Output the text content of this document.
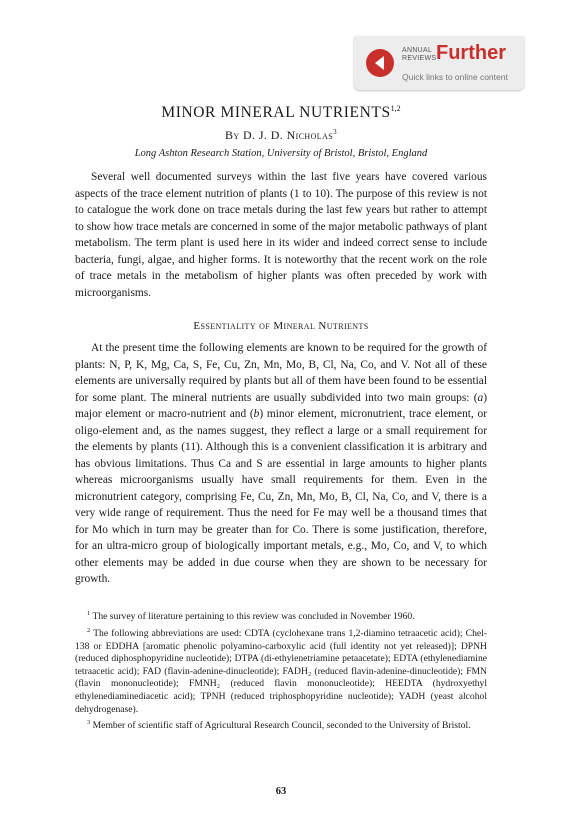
ANNUAL
REVIEWS Further
Quick links to online content
MINOR MINERAL NUTRIENTS$^{1,2}$
By D. J. D. Nicholas$^3$
Long Ashton Research Station, University of Bristol, Bristol, England

Several well documented surveys within the last five years have covered various aspects of the trace element nutrition of plants (1 to 10). The purpose of this review is not to catalogue the work done on trace metals during the last few years but rather to attempt to show how trace metals are concerned in some of the major metabolic pathways of plant metabolism. The term plant is used here in its wider and indeed correct sense to include bacteria, fungi, algae, and higher forms. It is noteworthy that the recent work on the role of trace metals in the metabolism of higher plants was often preceded by work with microorganisms.

Essentiality of Mineral Nutrients

At the present time the following elements are known to be required for the growth of plants: N, P, K, Mg, Ca, S, Fe, Cu, Zn, Mn, Mo, B, Cl, Na, Co, and V. Not all of these elements are universally required by plants but all of them have been found to be essential for some plant. The mineral nutrients are usually subdivided into two main groups: (a) major element or macro-nutrient and (b) minor element, micronutrient, trace element, or oligo-element and, as the names suggest, they reflect a large or a small requirement for the elements by plants (11). Although this is a convenient classification it is arbitrary and has obvious limitations. Thus Ca and S are essential in large amounts to higher plants whereas microorganisms usually have small requirements for them. Even in the micronutrient category, comprising Fe, Cu, Zn, Mn, Mo, B, Cl, Na, Co, and V, there is a very wide range of requirement. Thus the need for Fe may well be a thousand times that for Mo which in turn may be greater than for Co. There is some justification, therefore, for an ultra-micro group of biologically important metals, e.g., Mo, Co, and V, to which other elements may be added in due course when they are shown to be necessary for growth.

$^1$ The survey of literature pertaining to this review was concluded in November 1960.

$^2$ The following abbreviations are used: CDTA (cyclohexane trans 1,2-diamino tetraacetic acid); Chel-138 or EDDHA [aromatic phenolic polyamino-carboxylic acid (full identity not yet released)]; DPNH (reduced diphosphopyridine nucleotide); DTPA (di-ethylenetriamine petaacetate); EDTA (ethylenediamine tetraacetic acid); FAD (flavin-adenine-dinucleotide); FADH₂ (reduced flavin-adenine-dinucleotide); FMN (flavin mononucleotide); FMNH₂ (reduced flavin mononucleotide); HEEDTA (hydroxyethyl ethylenediaminediacetic acid); TPNH (reduced triphosphopyridine nucleotide); YADH (yeast alcohol dehydrogenase).

$^3$ Member of scientific staff of Agricultural Research Council, seconded to the University of Bristol.

63
